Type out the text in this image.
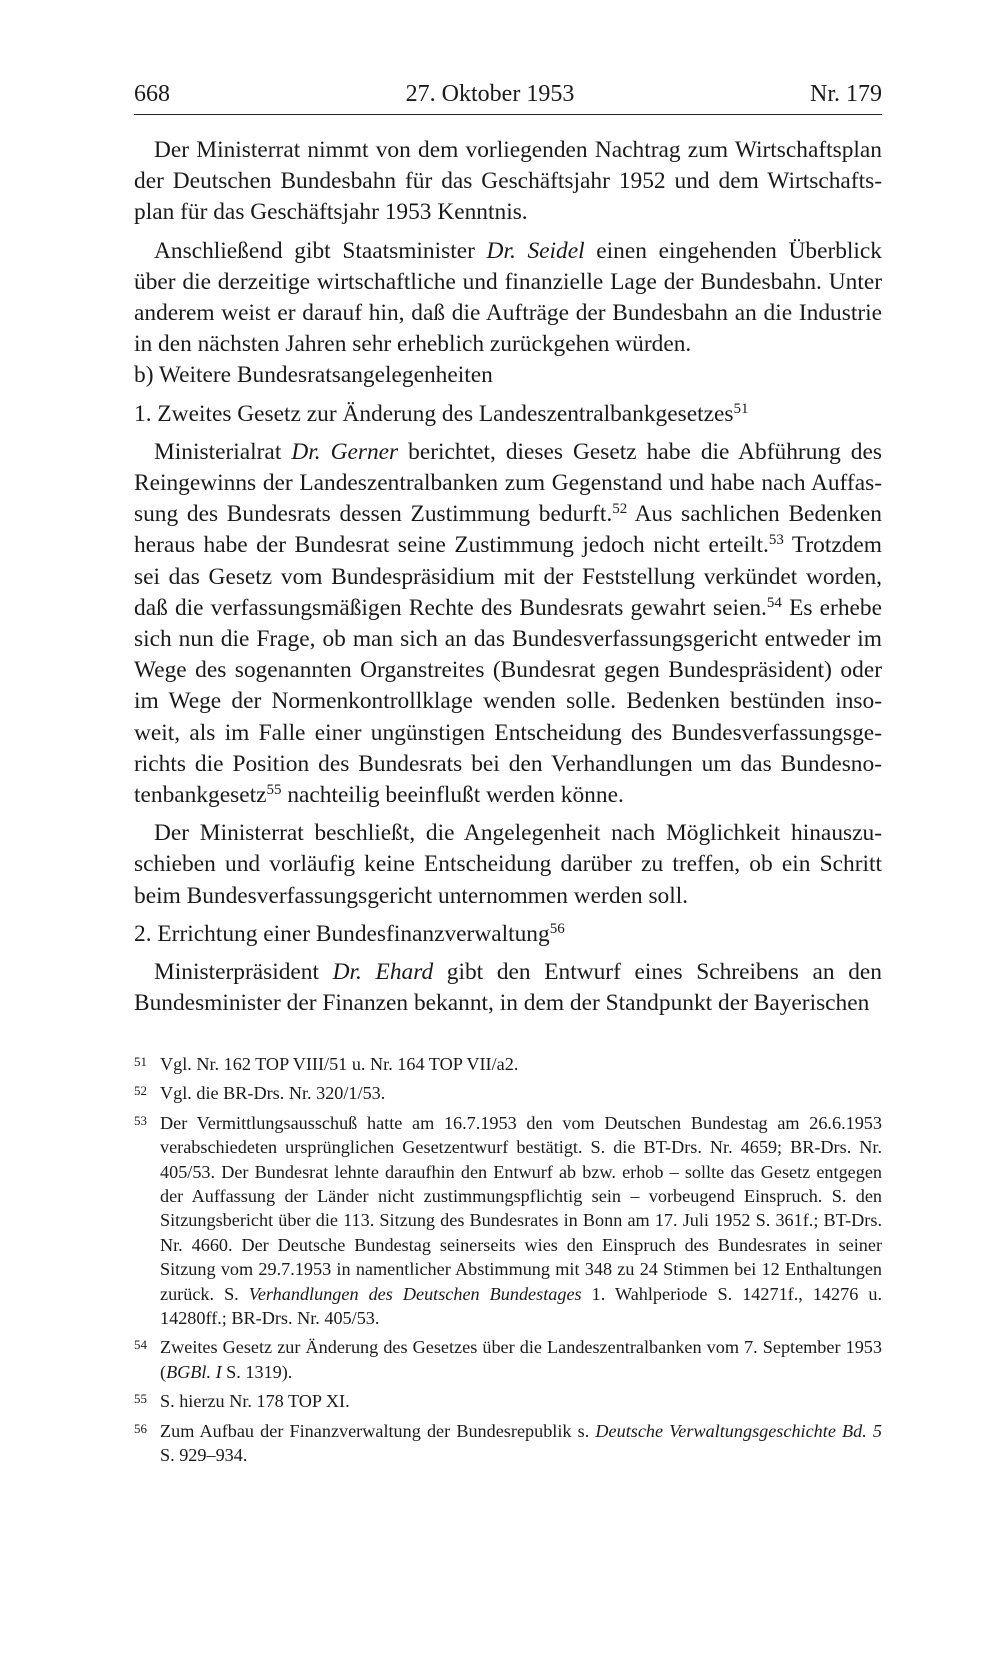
668	27. Oktober 1953	Nr. 179

Der Ministerrat nimmt von dem vorliegenden Nachtrag zum Wirtschaftsplan der Deutschen Bundesbahn für das Geschäftsjahr 1952 und dem Wirtschaftsplan für das Geschäftsjahr 1953 Kenntnis.

Anschließend gibt Staatsminister Dr. Seidel einen eingehenden Überblick über die derzeitige wirtschaftliche und finanzielle Lage der Bundesbahn. Unter anderem weist er darauf hin, daß die Aufträge der Bundesbahn an die Industrie in den nächsten Jahren sehr erheblich zurückgehen würden.

b) Weitere Bundesratsangelegenheiten

1. Zweites Gesetz zur Änderung des Landeszentralbankgesetzes$^{51}$

Ministerialrat Dr. Gerner berichtet, dieses Gesetz habe die Abführung des Reingewinns der Landeszentralbanken zum Gegenstand und habe nach Auffassung des Bundesrats dessen Zustimmung bedurft.$^{52}$ Aus sachlichen Bedenken heraus habe der Bundesrat seine Zustimmung jedoch nicht erteilt.$^{53}$ Trotzdem sei das Gesetz vom Bundespräsidium mit der Feststellung verkündet worden, daß die verfassungsmäßigen Rechte des Bundesrats gewahrt seien.$^{54}$ Es erhebe sich nun die Frage, ob man sich an das Bundesverfassungsgericht entweder im Wege des sogenannten Organstreites (Bundesrat gegen Bundespräsident) oder im Wege der Normenkontrollklage wenden solle. Bedenken bestünden insoweit, als im Falle einer ungünstigen Entscheidung des Bundesverfassungsgerichts die Position des Bundesrats bei den Verhandlungen um das Bundesnotenbankgesetz$^{55}$ nachteilig beeinflußt werden könne.

Der Ministerrat beschließt, die Angelegenheit nach Möglichkeit hinauszuschieben und vorläufig keine Entscheidung darüber zu treffen, ob ein Schritt beim Bundesverfassungsgericht unternommen werden soll.

2. Errichtung einer Bundesfinanzverwaltung$^{56}$

Ministerpräsident Dr. Ehard gibt den Entwurf eines Schreibens an den Bundesminister der Finanzen bekannt, in dem der Standpunkt der Bayerischen

51 Vgl. Nr. 162 TOP VIII/51 u. Nr. 164 TOP VII/a2.
52 Vgl. die BR-Drs. Nr. 320/1/53.
53 Der Vermittlungsausschuß hatte am 16.7.1953 den vom Deutschen Bundestag am 26.6.1953 verabschiedeten ursprünglichen Gesetzentwurf bestätigt. S. die BT-Drs. Nr. 4659; BR-Drs. Nr. 405/53. Der Bundesrat lehnte daraufhin den Entwurf ab bzw. erhob – sollte das Gesetz entgegen der Auffassung der Länder nicht zustimmungspflichtig sein – vorbeugend Einspruch. S. den Sitzungsbericht über die 113. Sitzung des Bundesrates in Bonn am 17. Juli 1952 S. 361f.; BT-Drs. Nr. 4660. Der Deutsche Bundestag seinerseits wies den Einspruch des Bundesrates in seiner Sitzung vom 29.7.1953 in namentlicher Abstimmung mit 348 zu 24 Stimmen bei 12 Enthaltungen zurück. S. Verhandlungen des Deutschen Bundestages 1. Wahlperiode S. 14271f., 14276 u. 14280ff.; BR-Drs. Nr. 405/53.
54 Zweites Gesetz zur Änderung des Gesetzes über die Landeszentralbanken vom 7. September 1953 (BGBl. I S. 1319).
55 S. hierzu Nr. 178 TOP XI.
56 Zum Aufbau der Finanzverwaltung der Bundesrepublik s. Deutsche Verwaltungsgeschichte Bd. 5 S. 929–934.
